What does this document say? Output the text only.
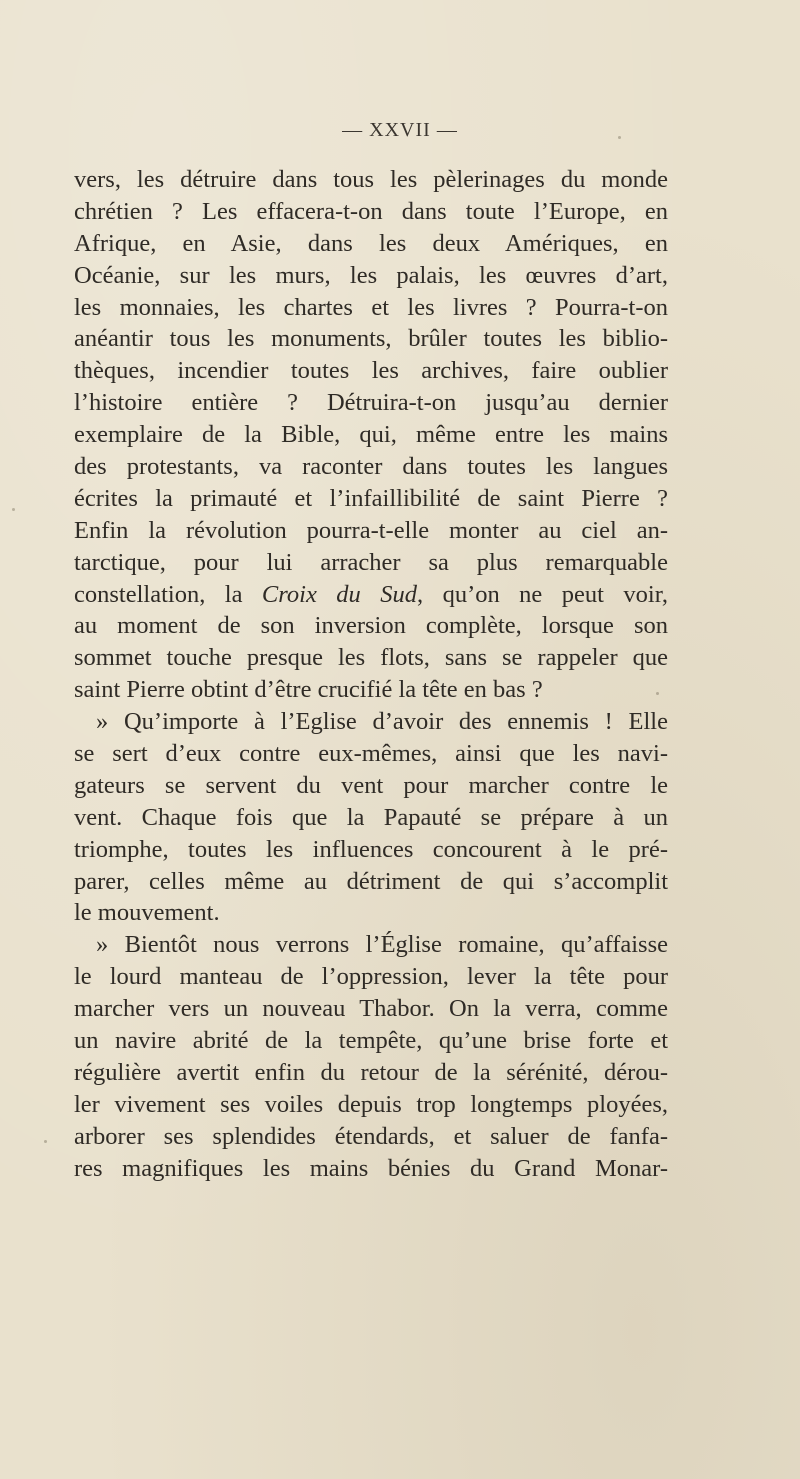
— XXVII —
vers, les détruire dans tous les pèlerinages du monde
chrétien ? Les effacera-t-on dans toute l’Europe, en
Afrique, en Asie, dans les deux Amériques, en
Océanie, sur les murs, les palais, les œuvres d’art,
les monnaies, les chartes et les livres ? Pourra-t-on
anéantir tous les monuments, brûler toutes les biblio-
thèques, incendier toutes les archives, faire oublier
l’histoire entière ? Détruira-t-on jusqu’au dernier
exemplaire de la Bible, qui, même entre les mains
des protestants, va raconter dans toutes les langues
écrites la primauté et l’infaillibilité de saint Pierre ?
Enfin la révolution pourra-t-elle monter au ciel an-
tarctique, pour lui arracher sa plus remarquable
constellation, la Croix du Sud, qu’on ne peut voir,
au moment de son inversion complète, lorsque son
sommet touche presque les flots, sans se rappeler que
saint Pierre obtint d’être crucifié la tête en bas ?
» Qu’importe à l’Eglise d’avoir des ennemis ! Elle
se sert d’eux contre eux-mêmes, ainsi que les navi-
gateurs se servent du vent pour marcher contre le
vent. Chaque fois que la Papauté se prépare à un
triomphe, toutes les influences concourent à le pré-
parer, celles même au détriment de qui s’accomplit
le mouvement.
» Bientôt nous verrons l’Église romaine, qu’affaisse
le lourd manteau de l’oppression, lever la tête pour
marcher vers un nouveau Thabor. On la verra, comme
un navire abrité de la tempête, qu’une brise forte et
régulière avertit enfin du retour de la sérénité, dérou-
ler vivement ses voiles depuis trop longtemps ployées,
arborer ses splendides étendards, et saluer de fanfa-
res magnifiques les mains bénies du Grand Monar-
